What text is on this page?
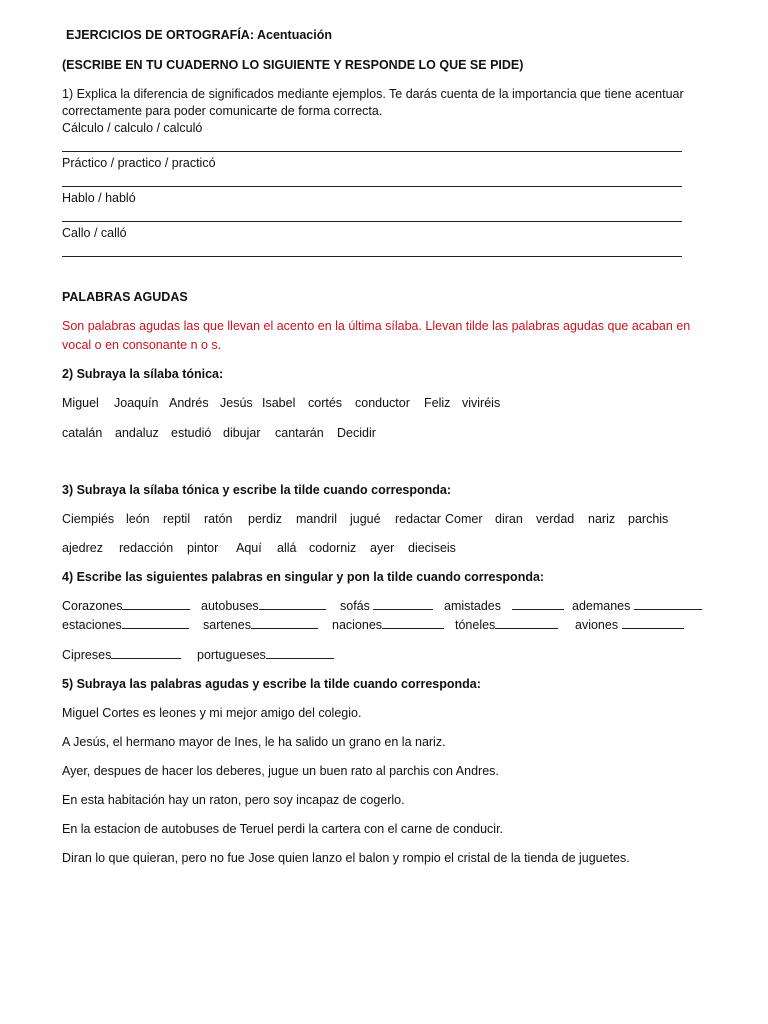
EJERCICIOS DE ORTOGRAFÍA: Acentuación
(ESCRIBE EN TU CUADERNO LO SIGUIENTE Y RESPONDE LO QUE SE PIDE)
1) Explica la diferencia de significados mediante ejemplos. Te darás cuenta de la importancia que tiene acentuar
correctamente para poder comunicarte de forma correcta.
Cálculo / calculo / calculó
Práctico / practico / practicó
Hablo / habló
Callo / calló
PALABRAS AGUDAS
Son palabras agudas las que llevan el acento en la última sílaba. Llevan tilde las palabras agudas que acaban en
vocal o en consonante n o s.
2) Subraya la sílaba tónica:
Miguel Joaquín Andrés Jesús Isabel cortés conductor Feliz viviréis
catalán andaluz estudió dibujar cantarán Decidir
3) Subraya la sílaba tónica y escribe la tilde cuando corresponda:
Ciempiés león reptil ratón perdiz mandril jugué redactar Comer diran verdad nariz parchis
ajedrez redacción pintor Aquí allá codorniz ayer dieciseis
4) Escribe las siguientes palabras en singular y pon la tilde cuando corresponda:
Corazones	autobuses	sofás	amistades	ademanes
estaciones	sartenes	naciones	tóneles	aviones
Cipreses	portugueses
5) Subraya las palabras agudas y escribe la tilde cuando corresponda:
Miguel Cortes es leones y mi mejor amigo del colegio.
A Jesús, el hermano mayor de Ines, le ha salido un grano en la nariz.
Ayer, despues de hacer los deberes, jugue un buen rato al parchis con Andres.
En esta habitación hay un raton, pero soy incapaz de cogerlo.
En la estacion de autobuses de Teruel perdi la cartera con el carne de conducir.
Diran lo que quieran, pero no fue Jose quien lanzo el balon y rompio el cristal de la tienda de juguetes.
